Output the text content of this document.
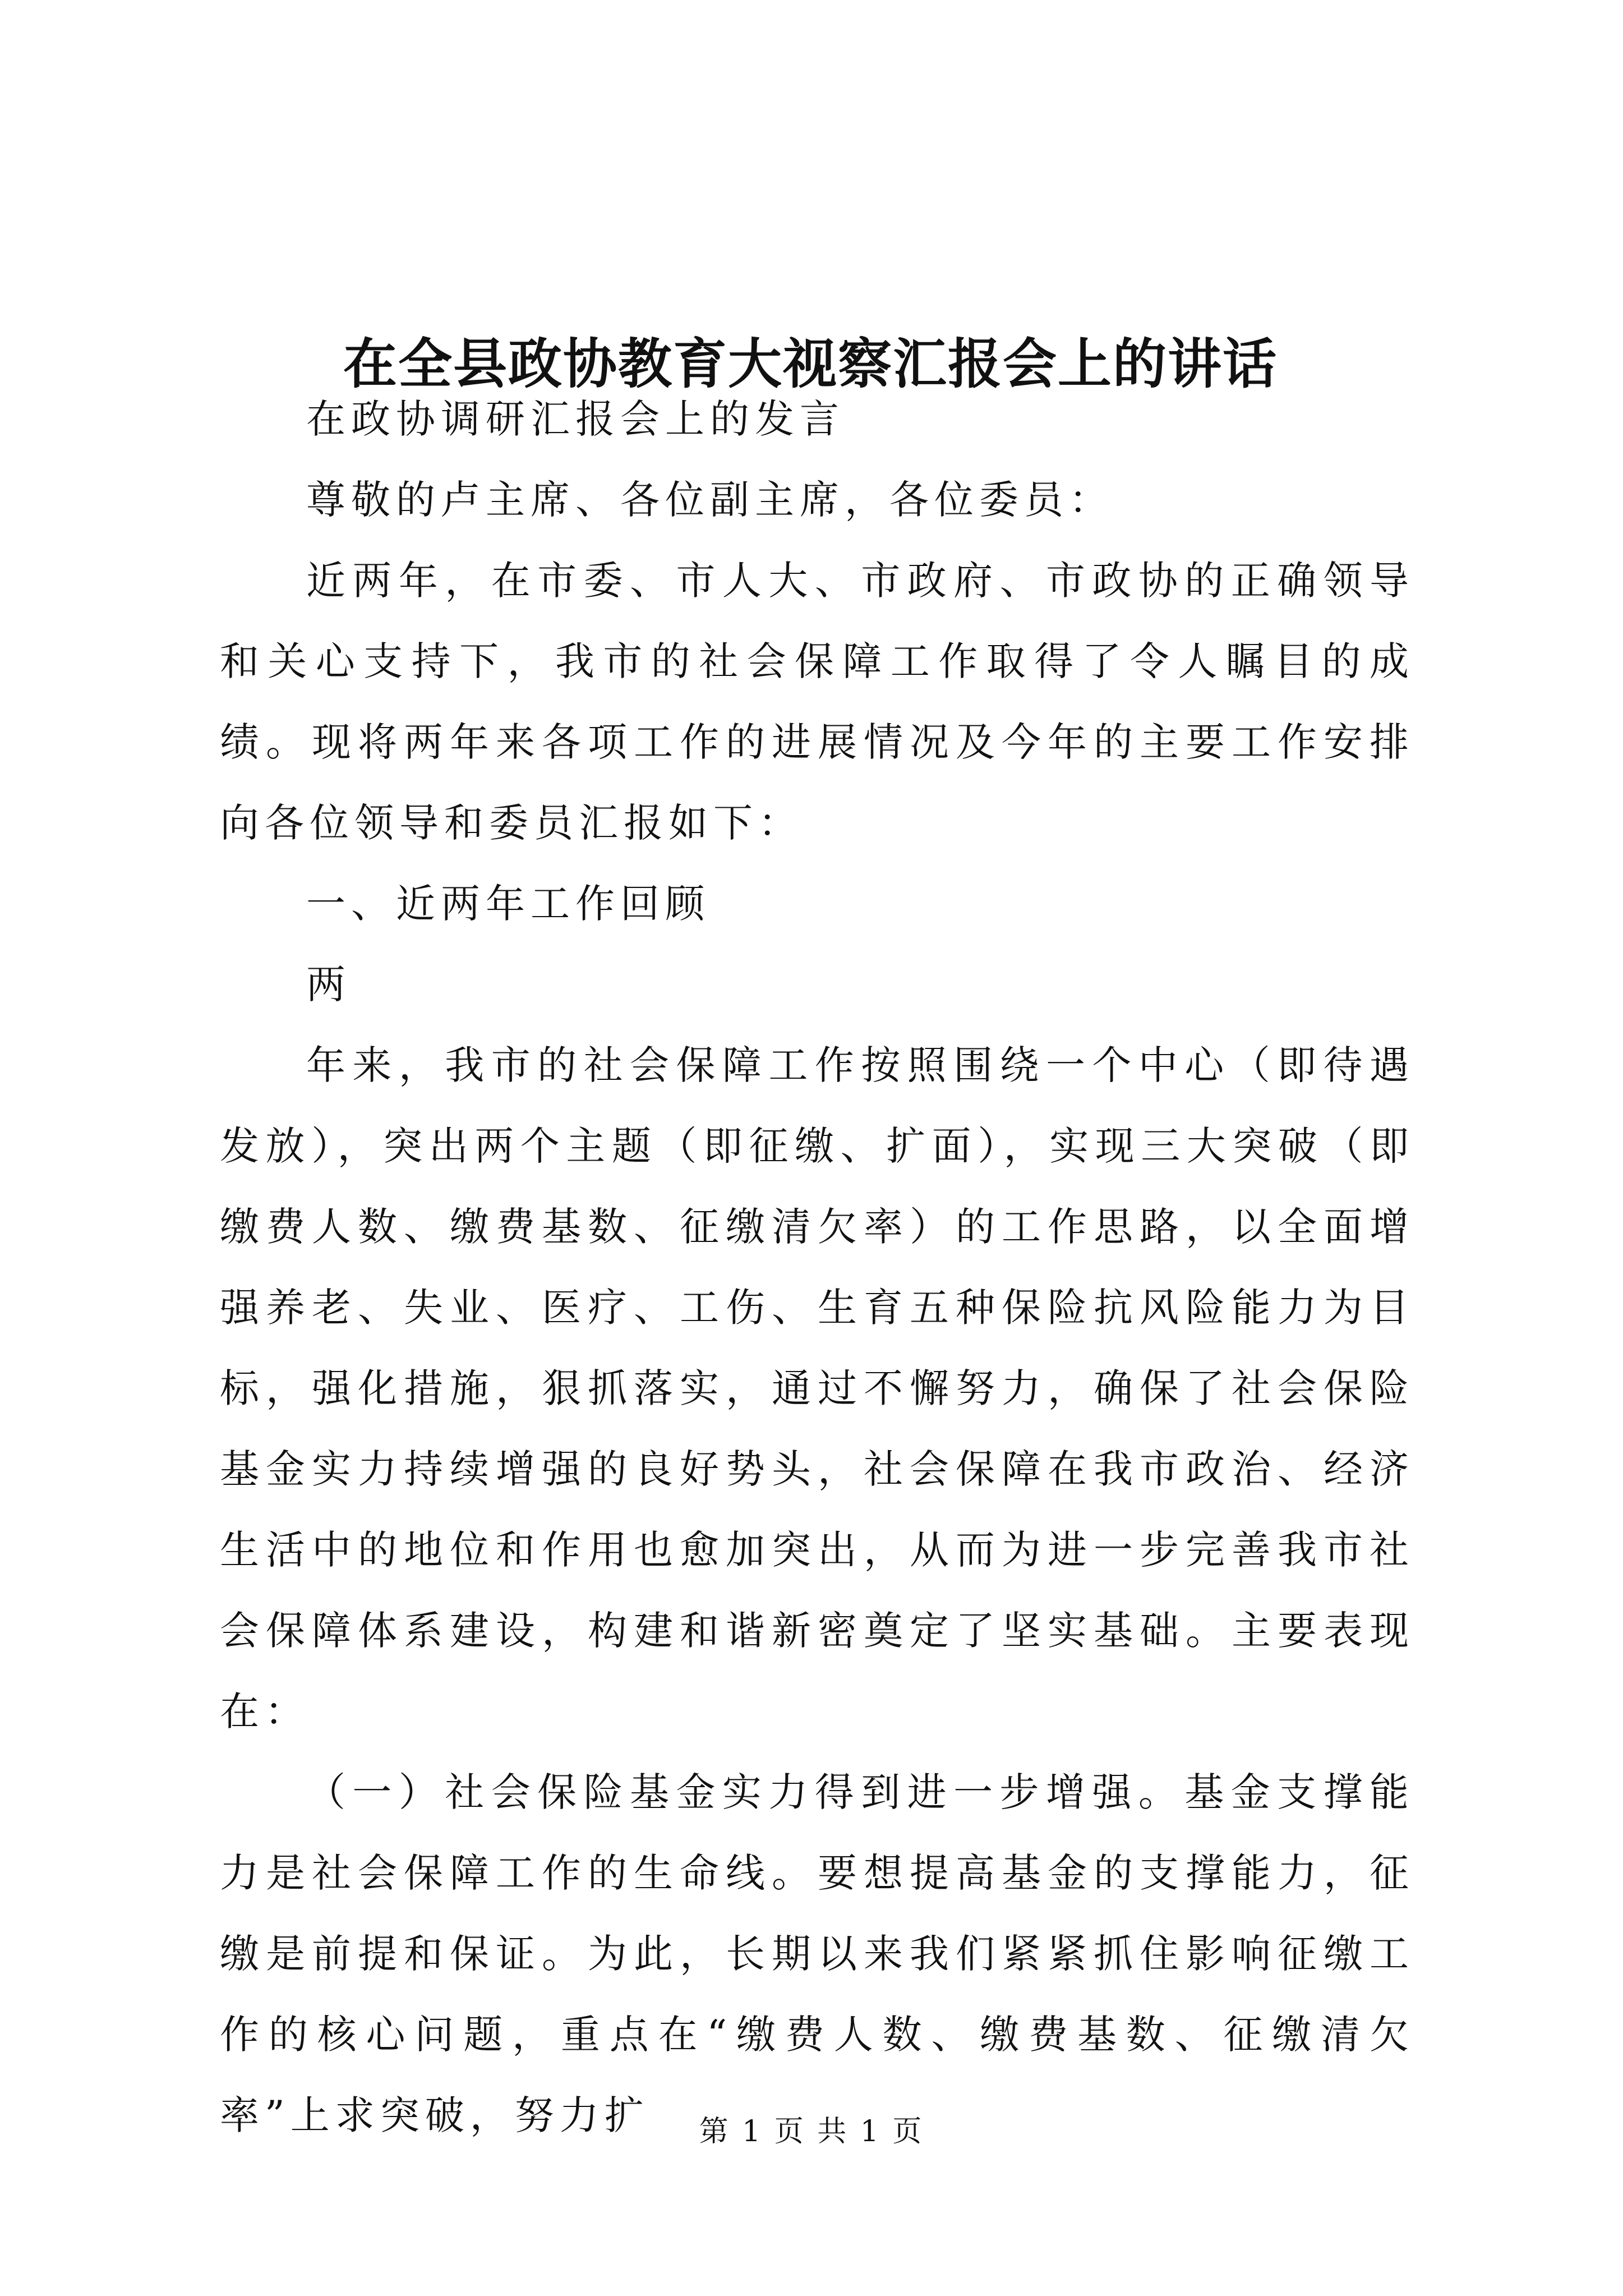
在全县政协教育大视察汇报会上的讲话

在政协调研汇报会上的发言

尊敬的卢主席、各位副主席，各位委员：

近两年，在市委、市人大、市政府、市政协的正确领导和关心支持下，我市的社会保障工作取得了令人瞩目的成绩。现将两年来各项工作的进展情况及今年的主要工作安排向各位领导和委员汇报如下：

一、近两年工作回顾

两

年来，我市的社会保障工作按照围绕一个中心（即待遇发放），突出两个主题（即征缴、扩面），实现三大突破（即缴费人数、缴费基数、征缴清欠率）的工作思路，以全面增强养老、失业、医疗、工伤、生育五种保险抗风险能力为目标，强化措施，狠抓落实，通过不懈努力，确保了社会保险基金实力持续增强的良好势头，社会保障在我市政治、经济生活中的地位和作用也愈加突出，从而为进一步完善我市社会保障体系建设，构建和谐新密奠定了坚实基础。主要表现在：

（一）社会保险基金实力得到进一步增强。基金支撑能力是社会保障工作的生命线。要想提高基金的支撑能力，征缴是前提和保证。为此，长期以来我们紧紧抓住影响征缴工作的核心问题，重点在“缴费人数、缴费基数、征缴清欠率”上求突破，努力扩	第 1 页 共 1 页
